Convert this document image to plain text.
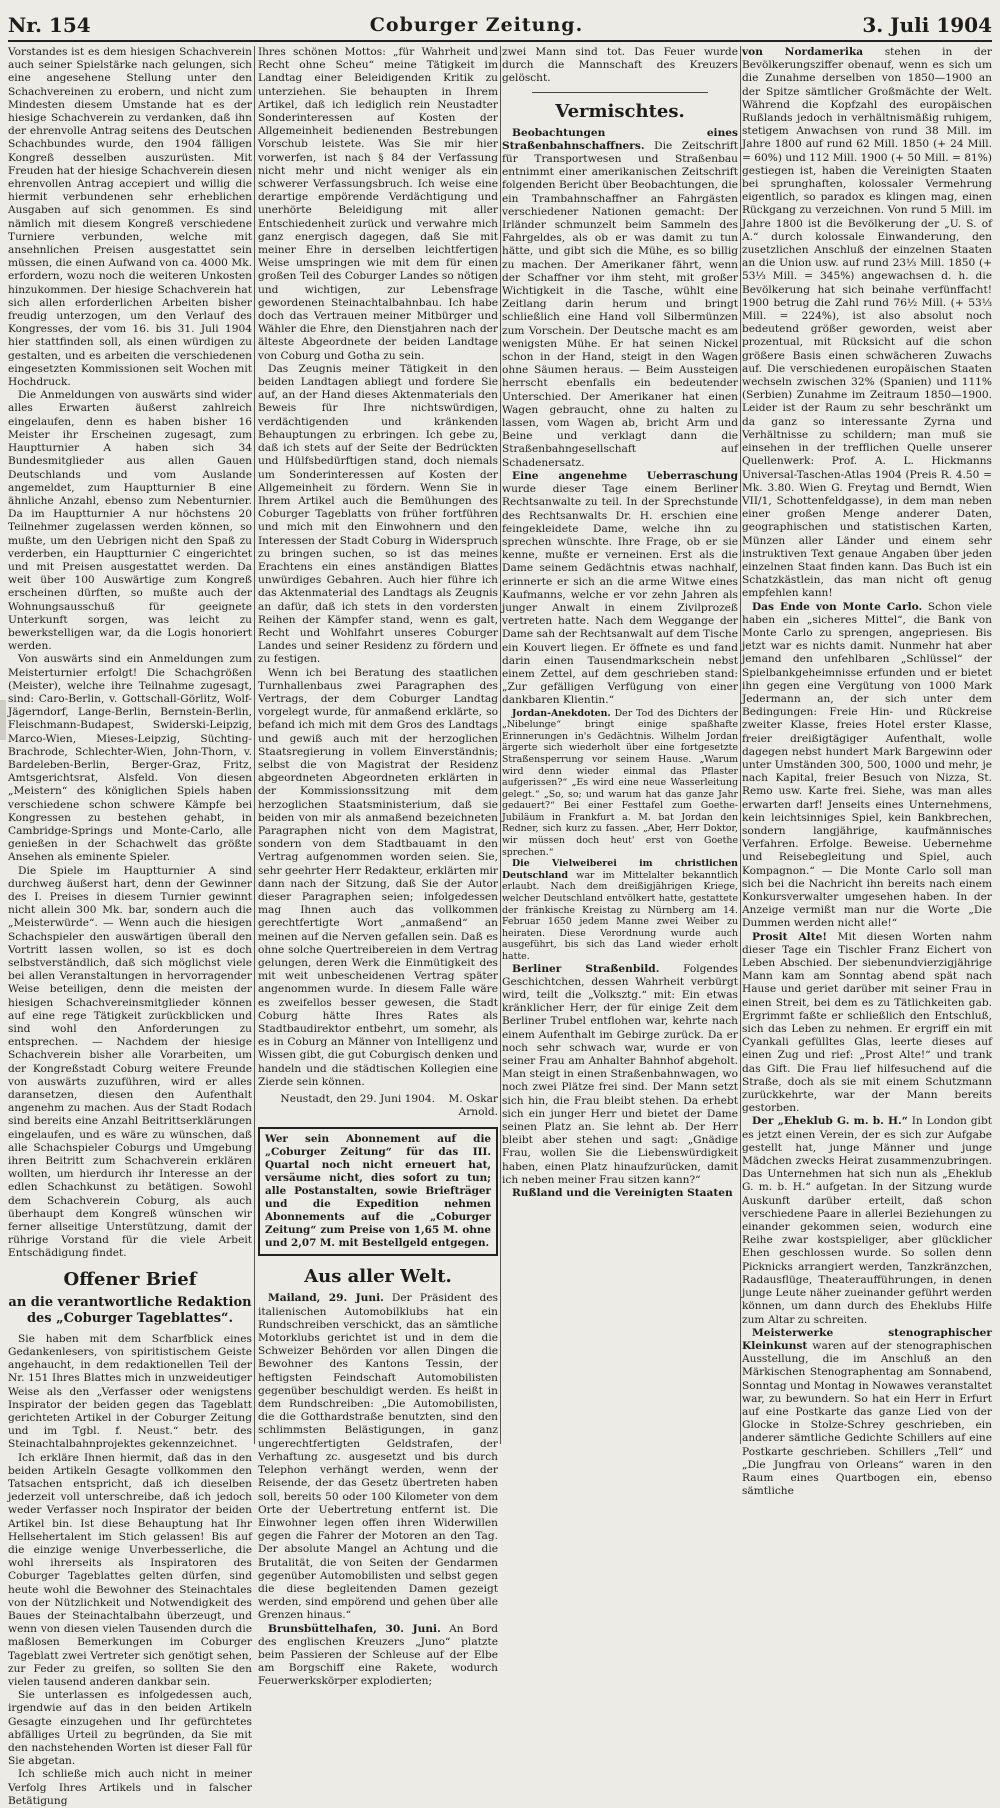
Nr. 154	Coburger Zeitung.	3. Juli 1904

Vorstandes ist es dem hiesigen Schachverein auch seiner Spielstärke nach gelungen, sich eine angesehene Stellung unter den Schachvereinen zu erobern, und nicht zum Mindesten diesem Umstande hat es der hiesige Schachverein zu verdanken, daß ihn der ehrenvolle Antrag seitens des Deutschen Schachbundes wurde, den 1904 fälligen Kongreß desselben auszurüsten. Mit Freuden hat der hiesige Schachverein diesen ehrenvollen Antrag accepiert und willig die hiermit verbundenen sehr erheblichen Ausgaben auf sich genommen. Es sind nämlich mit diesem Kongreß verschiedene Turniere verbunden, welche mit ansehnlichen Preisen ausgestattet sein müssen, die einen Aufwand von ca. 4000 Mk. erfordern, wozu noch die weiteren Unkosten hinzukommen. Der hiesige Schachverein hat sich allen erforderlichen Arbeiten bisher freudig unterzogen, um den Verlauf des Kongresses, der vom 16. bis 31. Juli 1904 hier stattfinden soll, als einen würdigen zu gestalten, und es arbeiten die verschiedenen eingesetzten Kommissionen seit Wochen mit Hochdruck.

Die Anmeldungen von auswärts sind wider alles Erwarten äußerst zahlreich eingelaufen, denn es haben bisher 16 Meister ihr Erscheinen zugesagt, zum Hauptturnier A haben sich 34 Bundesmitglieder aus allen Gauen Deutschlands und vom Auslande angemeldet, zum Hauptturnier B eine ähnliche Anzahl, ebenso zum Nebenturnier. Da im Hauptturnier A nur höchstens 20 Teilnehmer zugelassen werden können, so mußte, um den Uebrigen nicht den Spaß zu verderben, ein Hauptturnier C eingerichtet und mit Preisen ausgestattet werden. Da weit über 100 Auswärtige zum Kongreß erscheinen dürften, so mußte auch der Wohnungsausschuß für geeignete Unterkunft sorgen, was leicht zu bewerkstelligen war, da die Logis honoriert werden.

Von auswärts sind ein Anmeldungen zum Meisterturnier erfolgt! Die Schachgrößen (Meister), welche ihre Teilnahme zugesagt, sind: Caro-Berlin, v. Gottschall-Görlitz, Wolf-Jägerndorf, Lange-Berlin, Bernstein-Berlin, Fleischmann-Budapest, Swiderski-Leipzig, Marco-Wien, Mieses-Leipzig, Süchting-Brachrode, Schlechter-Wien, John-Thorn, v. Bardeleben-Berlin, Berger-Graz, Fritz, Amtsgerichtsrat, Alsfeld. Von diesen „Meistern“ des königlichen Spiels haben verschiedene schon schwere Kämpfe bei Kongressen zu bestehen gehabt, in Cambridge-Springs und Monte-Carlo, alle genießen in der Schachwelt das größte Ansehen als eminente Spieler.

Die Spiele im Hauptturnier A sind durchweg äußerst hart, denn der Gewinner des I. Preises in diesem Turnier gewinnt nicht allein 300 Mk. bar, sondern auch die „Meisterwürde“. — Wenn auch die hiesigen Schachspieler den auswärtigen überall den Vortritt lassen wollen, so ist es doch selbstverständlich, daß sich möglichst viele bei allen Veranstaltungen in hervorragender Weise beteiligen, denn die meisten der hiesigen Schachvereinsmitglieder können auf eine rege Tätigkeit zurückblicken und sind wohl den Anforderungen zu entsprechen. — Nachdem der hiesige Schachverein bisher alle Vorarbeiten, um der Kongreßstadt Coburg weitere Freunde von auswärts zuzuführen, wird er alles daransetzen, diesen den Aufenthalt angenehm zu machen. Aus der Stadt Rodach sind bereits eine Anzahl Beitrittserklärungen eingelaufen, und es wäre zu wünschen, daß alle Schachspieler Coburgs und Umgebung ihren Beitritt zum Schachverein erklären wollten, um hierdurch ihr Interesse an der edlen Schachkunst zu betätigen. Sowohl dem Schachverein Coburg, als auch überhaupt dem Kongreß wünschen wir ferner allseitige Unterstützung, damit der rührige Vorstand für die viele Arbeit Entschädigung findet.

Offener Brief
an die verantwortliche Redaktion des „Coburger Tageblattes“.

Sie haben mit dem Scharfblick eines Gedankenlesers, von spiritistischem Geiste angehaucht, in dem redaktionellen Teil der Nr. 151 Ihres Blattes mich in unzweideutiger Weise als den „Verfasser oder wenigstens Inspirator der beiden gegen das Tageblatt gerichteten Artikel in der Coburger Zeitung und im Tgbl. f. Neust.“ betr. des Steinachtalbahnprojektes gekennzeichnet.

Ich erkläre Ihnen hiermit, daß das in den beiden Artikeln Gesagte vollkommen den Tatsachen entspricht, daß ich dieselben jederzeit voll unterschreibe, daß ich jedoch weder Verfasser noch Inspirator der beiden Artikel bin. Ist diese Behauptung hat Ihr Hellsehertalent im Stich gelassen! Bis auf die einzige wenige Unverbesserliche, die wohl ihrerseits als Inspiratoren des Coburger Tageblattes gelten dürfen, sind heute wohl die Bewohner des Steinachtales von der Nützlichkeit und Notwendigkeit des Baues der Steinachtalbahn überzeugt, und wenn von diesen vielen Tausenden durch die maßlosen Bemerkungen im Coburger Tageblatt zwei Vertreter sich genötigt sehen, zur Feder zu greifen, so sollten Sie den vielen tausend anderen dankbar sein.

Sie unterlassen es infolgedessen auch, irgendwie auf das in den beiden Artikeln Gesagte einzugehen und Ihr gefürchtetes abfälliges Urteil zu begründen, da Sie mit den nachstehenden Worten ist dieser Fall für Sie abgetan.

Ich schließe mich auch nicht in meiner Verfolg Ihres Artikels und in falscher Betätigung

Ihres schönen Mottos: „für Wahrheit und Recht ohne Scheu“ meine Tätigkeit im Landtag einer Beleidigenden Kritik zu unterziehen. Sie behaupten in Ihrem Artikel, daß ich lediglich rein Neustadter Sonderinteressen auf Kosten der Allgemeinheit bedienenden Bestrebungen Vorschub leistete. Was Sie mir hier vorwerfen, ist nach § 84 der Verfassung nicht mehr und nicht weniger als ein schwerer Verfassungsbruch. Ich weise eine derartige empörende Verdächtigung und unerhörte Beleidigung mit aller Entschiedenheit zurück und verwahre mich ganz energisch dagegen, daß Sie mit meiner Ehre in derselben leichtfertigen Weise umspringen wie mit dem für einen großen Teil des Coburger Landes so nötigen und wichtigen, zur Lebensfrage gewordenen Steinachtalbahnbau. Ich habe doch das Vertrauen meiner Mitbürger und Wähler die Ehre, den Dienstjahren nach der älteste Abgeordnete der beiden Landtage von Coburg und Gotha zu sein.

Das Zeugnis meiner Tätigkeit in den beiden Landtagen abliegt und fordere Sie auf, an der Hand dieses Aktenmaterials den Beweis für Ihre nichtswürdigen, verdächtigenden und kränkenden Behauptungen zu erbringen. Ich gebe zu, daß ich stets auf der Seite der Bedrückten und Hülfsbedürftigen stand, doch niemals um Sonderinteressen auf Kosten der Allgemeinheit zu fördern. Wenn Sie in Ihrem Artikel auch die Bemühungen des Coburger Tageblatts von früher fortführen und mich mit den Einwohnern und den Interessen der Stadt Coburg in Widerspruch zu bringen suchen, so ist das meines Erachtens ein eines anständigen Blattes unwürdiges Gebahren. Auch hier führe ich das Aktenmaterial des Landtags als Zeugnis an dafür, daß ich stets in den vordersten Reihen der Kämpfer stand, wenn es galt, Recht und Wohlfahrt unseres Coburger Landes und seiner Residenz zu fördern und zu festigen.

Wenn ich bei Beratung des staatlichen Turnhallenbaus zwei Paragraphen des Vertrags, der dem Coburger Landtag vorgelegt wurde, für anmaßend erklärte, so befand ich mich mit dem Gros des Landtags und gewiß auch mit der herzoglichen Staatsregierung in vollem Einverständnis; selbst die von Magistrat der Residenz abgeordneten Abgeordneten erklärten in der Kommissionssitzung mit dem herzoglichen Staatsministerium, daß sie beiden von mir als anmaßend bezeichneten Paragraphen nicht von dem Magistrat, sondern von dem Stadtbauamt in den Vertrag aufgenommen worden seien. Sie, sehr geehrter Herr Redakteur, erklärten mir dann nach der Sitzung, daß Sie der Autor dieser Paragraphen seien; infolgedessen mag Ihnen auch das vollkommen gerechtfertigte Wort „anmaßend“ an meinen auf die Nerven gefallen sein. Daß es ohne solche Quertreibereien in dem Vertrag gelungen, deren Werk die Einmütigkeit des mit weit unbescheidenen Vertrag später angenommen wurde. In diesem Falle wäre es zweifellos besser gewesen, die Stadt Coburg hätte Ihres Rates als Stadtbaudirektor entbehrt, um somehr, als es in Coburg an Männer von Intelligenz und Wissen gibt, die gut Coburgisch denken und handeln und die städtischen Kollegien eine Zierde sein können.

Neustadt, den 29. Juni 1904. M. Oskar Arnold.
Wer sein Abonnement auf die „Coburger Zeitung“ für das III. Quartal noch nicht erneuert hat, versäume nicht, dies sofort zu tun; alle Postanstalten, sowie Briefträger und die Expedition nehmen Abonnements auf die „Coburger Zeitung“ zum Preise von 1,65 M. ohne und 2,07 M. mit Bestellgeld entgegen.
Aus aller Welt.

Mailand, 29. Juni. Der Präsident des italienischen Automobilklubs hat ein Rundschreiben verschickt, das an sämtliche Motorklubs gerichtet ist und in dem die Schweizer Behörden vor allen Dingen die Bewohner des Kantons Tessin, der heftigsten Feindschaft Automobilisten gegenüber beschuldigt werden. Es heißt in dem Rundschreiben: „Die Automobilisten, die die Gotthardstraße benutzten, sind den schlimmsten Belästigungen, in ganz ungerechtfertigten Geldstrafen, der Verhaftung zc. ausgesetzt und bis durch Telephon verhängt werden, wenn der Reisende, der das Gesetz übertreten haben soll, bereits 50 oder 100 Kilometer von dem Orte der Uebertretung entfernt ist. Die Einwohner legen offen ihren Widerwillen gegen die Fahrer der Motoren an den Tag. Der absolute Mangel an Achtung und die Brutalität, die von Seiten der Gendarmen gegenüber Automobilisten und selbst gegen die diese begleitenden Damen gezeigt werden, sind empörend und gehen über alle Grenzen hinaus.“

Brunsbüttelhafen, 30. Juni. An Bord des englischen Kreuzers „Juno“ platzte beim Passieren der Schleuse auf der Elbe am Borgschiff eine Rakete, wodurch Feuerwerkskörper explodierten;

zwei Mann sind tot. Das Feuer wurde durch die Mannschaft des Kreuzers gelöscht.

Vermischtes.

Beobachtungen eines Straßenbahnschaffners. Die Zeitschrift für Transportwesen und Straßenbau entnimmt einer amerikanischen Zeitschrift folgenden Bericht über Beobachtungen, die ein Trambahnschaffner an Fahrgästen verschiedener Nationen gemacht: Der Irländer schmunzelt beim Sammeln des Fahrgeldes, als ob er was damit zu tun hätte, und gibt sich die Mühe, es so billig zu machen. Der Amerikaner fährt, wenn der Schaffner vor ihm steht, mit großer Wichtigkeit in die Tasche, wühlt eine Zeitlang darin herum und bringt schließlich eine Hand voll Silbermünzen zum Vorschein. Der Deutsche macht es am wenigsten Mühe. Er hat seinen Nickel schon in der Hand, steigt in den Wagen ohne Säumen heraus. — Beim Aussteigen herrscht ebenfalls ein bedeutender Unterschied. Der Amerikaner hat einen Wagen gebraucht, ohne zu halten zu lassen, vom Wagen ab, bricht Arm und Beine und verklagt dann die Straßenbahngesellschaft auf Schadenersatz.

Eine angenehme Ueberraschung wurde dieser Tage einem Berliner Rechtsanwalte zu teil. In der Sprechstunde des Rechtsanwalts Dr. H. erschien eine feingekleidete Dame, welche ihn zu sprechen wünschte. Ihre Frage, ob er sie kenne, mußte er verneinen. Erst als die Dame seinem Gedächtnis etwas nachhalf, erinnerte er sich an die arme Witwe eines Kaufmanns, welche er vor zehn Jahren als junger Anwalt in einem Zivilprozeß vertreten hatte. Nach dem Weggange der Dame sah der Rechtsanwalt auf dem Tische ein Kouvert liegen. Er öffnete es und fand darin einen Tausendmarkschein nebst einem Zettel, auf dem geschrieben stand: „Zur gefälligen Verfügung von einer dankbaren Klientin.“

Jordan-Anekdoten. Der Tod des Dichters der „Nibelunge“ bringt einige spaßhafte Erinnerungen in's Gedächtnis. Wilhelm Jordan ärgerte sich wiederholt über eine fortgesetzte Straßensperrung vor seinem Hause. „Warum wird denn wieder einmal das Pflaster aufgerissen?“ „Es wird eine neue Wasserleitung gelegt.“ „So, so; und warum hat das ganze Jahr gedauert?“ Bei einer Festtafel zum Goethe-Jubiläum in Frankfurt a. M. bat Jordan den Redner, sich kurz zu fassen. „Aber, Herr Doktor, wir müssen doch heut' erst von Goethe sprechen.“

Die Vielweiberei im christlichen Deutschland war im Mittelalter bekanntlich erlaubt. Nach dem dreißigjährigen Kriege, welcher Deutschland entvölkert hatte, gestattete der fränkische Kreistag zu Nürnberg am 14. Februar 1650 jedem Manne zwei Weiber zu heiraten. Diese Verordnung wurde auch ausgeführt, bis sich das Land wieder erholt hatte.

Berliner Straßenbild. Folgendes Geschichtchen, dessen Wahrheit verbürgt wird, teilt die „Volksztg.“ mit: Ein etwas kränklicher Herr, der für einige Zeit dem Berliner Trubel entflohen war, kehrte nach einem Aufenthalt im Gebirge zurück. Da er noch sehr schwach war, wurde er von seiner Frau am Anhalter Bahnhof abgeholt. Man steigt in einen Straßenbahnwagen, wo noch zwei Plätze frei sind. Der Mann setzt sich hin, die Frau bleibt stehen. Da erhebt sich ein junger Herr und bietet der Dame seinen Platz an. Sie lehnt ab. Der Herr bleibt aber stehen und sagt: „Gnädige Frau, wollen Sie die Liebenswürdigkeit haben, einen Platz hinaufzurücken, damit ich neben meiner Frau sitzen kann?“

Rußland und die Vereinigten Staaten

von Nordamerika stehen in der Bevölkerungsziffer obenauf, wenn es sich um die Zunahme derselben von 1850—1900 an der Spitze sämtlicher Großmächte der Welt. Während die Kopfzahl des europäischen Rußlands jedoch in verhältnismäßig ruhigem, stetigem Anwachsen von rund 38 Mill. im Jahre 1800 auf rund 62 Mill. 1850 (+ 24 Mill. = 60%) und 112 Mill. 1900 (+ 50 Mill. = 81%) gestiegen ist, haben die Vereinigten Staaten bei sprunghaften, kolossaler Vermehrung eigentlich, so paradox es klingen mag, einen Rückgang zu verzeichnen. Von rund 5 Mill. im Jahre 1800 ist die Bevölkerung der „U. S. of A.“ durch kolossale Einwanderung, den zusetzlichen Anschluß der einzelnen Staaten an die Union usw. auf rund 23⅓ Mill. 1850 (+ 53⅓ Mill. = 345%) angewachsen d. h. die Bevölkerung hat sich beinahe verfünffacht! 1900 betrug die Zahl rund 76½ Mill. (+ 53⅓ Mill. = 224%), ist also absolut noch bedeutend größer geworden, weist aber prozentual, mit Rücksicht auf die schon größere Basis einen schwächeren Zuwachs auf. Die verschiedenen europäischen Staaten wechseln zwischen 32% (Spanien) und 111% (Serbien) Zunahme im Zeitraum 1850—1900. Leider ist der Raum zu sehr beschränkt um da ganz so interessante Zyrna und Verhältnisse zu schildern; man muß sie einsehen in der trefflichen Quelle unserer Quellenwerk: Prof. A. L. Hickmanns Universal-Taschen-Atlas 1904 (Preis R. 4.50 = Mk. 3.80. Wien G. Freytag und Berndt, Wien VII/1, Schottenfeldgasse), in dem man neben einer großen Menge anderer Daten, geographischen und statistischen Karten, Münzen aller Länder und einem sehr instruktiven Text genaue Angaben über jeden einzelnen Staat finden kann. Das Buch ist ein Schatzkästlein, das man nicht oft genug empfehlen kann!

Das Ende von Monte Carlo. Schon viele haben ein „sicheres Mittel“, die Bank von Monte Carlo zu sprengen, angepriesen. Bis jetzt war es nichts damit. Nunmehr hat aber jemand den unfehlbaren „Schlüssel“ der Spielbankgeheimnisse erfunden und er bietet ihn gegen eine Vergütung von 1000 Mark Jedermann an, der sich unter dem Bedingungen: Freie Hin- und Rückreise zweiter Klasse, freies Hotel erster Klasse, freier dreißigtägiger Aufenthalt, wolle dagegen nebst hundert Mark Bargewinn oder unter Umständen 300, 500, 1000 und mehr, je nach Kapital, freier Besuch von Nizza, St. Remo usw. Karte frei. Siehe, was man alles erwarten darf! Jenseits eines Unternehmens, kein leichtsinniges Spiel, kein Bankbrechen, sondern langjährige, kaufmännisches Verfahren. Erfolge. Beweise. Uebernehme und Reisebegleitung und Spiel, auch Kompagnon.“ — Die Monte Carlo soll man sich bei die Nachricht ihn bereits nach einem Konkursverwalter umgesehen haben. In der Anzeige vermißt man nur die Worte „Die Dummen werden nicht alle!“

Prosit Alte! Mit diesen Worten nahm dieser Tage ein Tischler Franz Eichert von Leben Abschied. Der siebenundvierzigjährige Mann kam am Sonntag abend spät nach Hause und geriet darüber mit seiner Frau in einen Streit, bei dem es zu Tätlichkeiten gab. Ergrimmt faßte er schließlich den Entschluß, sich das Leben zu nehmen. Er ergriff ein mit Cyankali gefülltes Glas, leerte dieses auf einen Zug und rief: „Prost Alte!“ und trank das Gift. Die Frau lief hilfesuchend auf die Straße, doch als sie mit einem Schutzmann zurückkehrte, war der Mann bereits gestorben.

Der „Eheklub G. m. b. H.“ In London gibt es jetzt einen Verein, der es sich zur Aufgabe gestellt hat, junge Männer und junge Mädchen zwecks Heirat zusammenzubringen. Das Unternehmen hat sich nun als „Eheklub G. m. b. H.“ aufgetan. In der Sitzung wurde Auskunft darüber erteilt, daß schon verschiedene Paare in allerlei Beziehungen zu einander gekommen seien, wodurch eine Reihe zwar kostspieliger, aber glücklicher Ehen geschlossen wurde. So sollen denn Picknicks arrangiert werden, Tanzkränzchen, Radausflüge, Theateraufführungen, in denen junge Leute näher zueinander geführt werden können, um dann durch des Eheklubs Hilfe zum Altar zu schreiten.

Meisterwerke stenographischer Kleinkunst waren auf der stenographischen Ausstellung, die im Anschluß an den Märkischen Stenographentag am Sonnabend, Sonntag und Montag in Nowawes veranstaltet war, zu bewundern. So hat ein Herr in Erfurt auf eine Postkarte das ganze Lied von der Glocke in Stolze-Schrey geschrieben, ein anderer sämtliche Gedichte Schillers auf eine Postkarte geschrieben. Schillers „Tell“ und „Die Jungfrau von Orleans“ waren in den Raum eines Quartbogen ein, ebenso sämtliche
